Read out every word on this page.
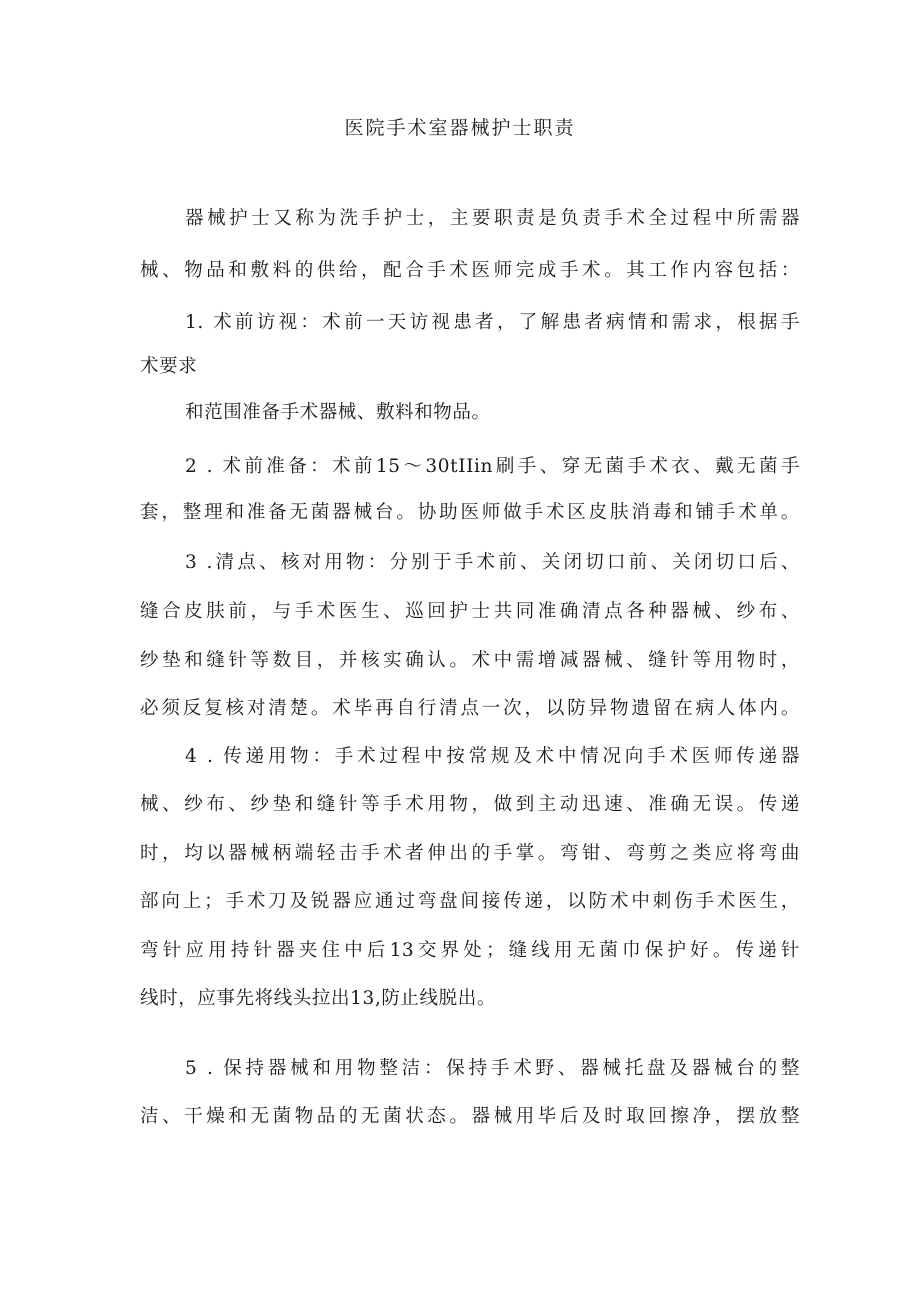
医院手术室器械护士职责
器械护士又称为洗手护士，主要职责是负责手术全过程中所需器
械、物品和敷料的供给，配合手术医师完成手术。其工作内容包括：
1. 术前访视：术前一天访视患者，了解患者病情和需求，根据手
术要求
和范围准备手术器械、敷料和物品。
2 . 术前准备：术前15～30tIIin刷手、穿无菌手术衣、戴无菌手
套，整理和准备无菌器械台。协助医师做手术区皮肤消毒和铺手术单。
3 .清点、核对用物：分别于手术前、关闭切口前、关闭切口后、
缝合皮肤前，与手术医生、巡回护士共同准确清点各种器械、纱布、
纱垫和缝针等数目，并核实确认。术中需增减器械、缝针等用物时，
必须反复核对清楚。术毕再自行清点一次，以防异物遗留在病人体内。
4 . 传递用物：手术过程中按常规及术中情况向手术医师传递器
械、纱布、纱垫和缝针等手术用物，做到主动迅速、准确无误。传递
时，均以器械柄端轻击手术者伸出的手掌。弯钳、弯剪之类应将弯曲
部向上；手术刀及锐器应通过弯盘间接传递，以防术中刺伤手术医生，
弯针应用持针器夹住中后13交界处；缝线用无菌巾保护好。传递针
线时，应事先将线头拉出13,防止线脱出。
5 . 保持器械和用物整洁：保持手术野、器械托盘及器械台的整
洁、干燥和无菌物品的无菌状态。器械用毕后及时取回擦净，摆放整
